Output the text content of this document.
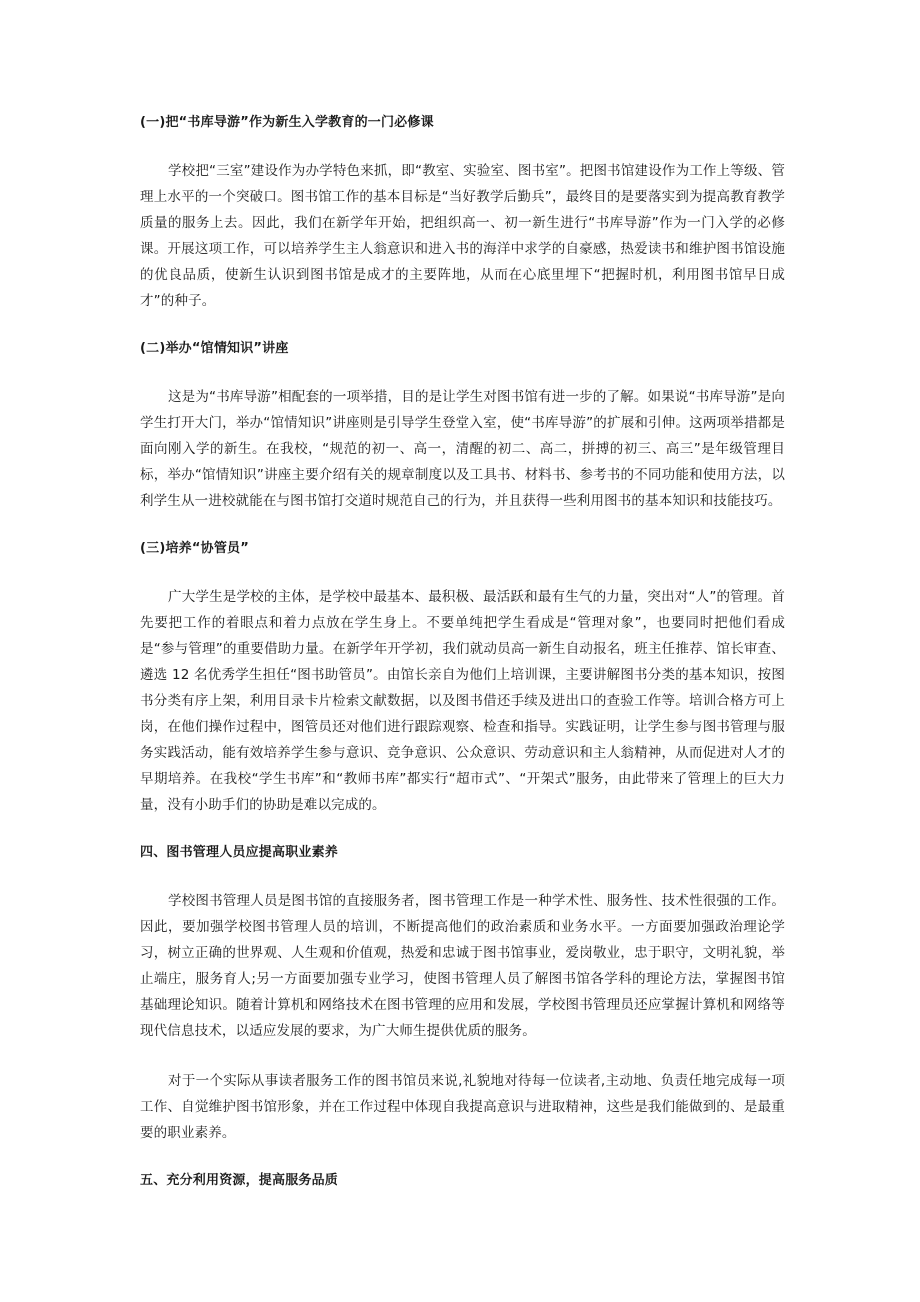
(一)把“书库导游”作为新生入学教育的一门必修课

学校把“三室”建设作为办学特色来抓，即“教室、实验室、图书室”。把图书馆建设作为工作上等级、管理上水平的一个突破口。图书馆工作的基本目标是“当好教学后勤兵”，最终目的是要落实到为提高教育教学质量的服务上去。因此，我们在新学年开始，把组织高一、初一新生进行“书库导游”作为一门入学的必修课。开展这项工作，可以培养学生主人翁意识和进入书的海洋中求学的自豪感，热爱读书和维护图书馆设施的优良品质，使新生认识到图书馆是成才的主要阵地，从而在心底里埋下“把握时机，利用图书馆早日成才”的种子。

(二)举办“馆情知识”讲座

这是为“书库导游”相配套的一项举措，目的是让学生对图书馆有进一步的了解。如果说“书库导游”是向学生打开大门，举办“馆情知识”讲座则是引导学生登堂入室，使“书库导游”的扩展和引伸。这两项举措都是面向刚入学的新生。在我校，“规范的初一、高一，清醒的初二、高二，拼搏的初三、高三”是年级管理目标，举办“馆情知识”讲座主要介绍有关的规章制度以及工具书、材料书、参考书的不同功能和使用方法，以利学生从一进校就能在与图书馆打交道时规范自己的行为，并且获得一些利用图书的基本知识和技能技巧。

(三)培养“协管员”

广大学生是学校的主体，是学校中最基本、最积极、最活跃和最有生气的力量，突出对“人”的管理。首先要把工作的着眼点和着力点放在学生身上。不要单纯把学生看成是“管理对象”，也要同时把他们看成是“参与管理”的重要借助力量。在新学年开学初，我们就动员高一新生自动报名，班主任推荐、馆长审查、遴选 12 名优秀学生担任“图书助管员”。由馆长亲自为他们上培训课，主要讲解图书分类的基本知识，按图书分类有序上架，利用目录卡片检索文献数据，以及图书借还手续及进出口的查验工作等。培训合格方可上岗，在他们操作过程中，图管员还对他们进行跟踪观察、检查和指导。实践证明，让学生参与图书管理与服务实践活动，能有效培养学生参与意识、竞争意识、公众意识、劳动意识和主人翁精神，从而促进对人才的早期培养。在我校“学生书库”和“教师书库”都实行“超市式”、“开架式”服务，由此带来了管理上的巨大力量，没有小助手们的协助是难以完成的。

四、图书管理人员应提高职业素养

学校图书管理人员是图书馆的直接服务者，图书管理工作是一种学术性、服务性、技术性很强的工作。因此，要加强学校图书管理人员的培训，不断提高他们的政治素质和业务水平。一方面要加强政治理论学习，树立正确的世界观、人生观和价值观，热爱和忠诚于图书馆事业，爱岗敬业，忠于职守，文明礼貌，举止端庄，服务育人;另一方面要加强专业学习，使图书管理人员了解图书馆各学科的理论方法，掌握图书馆基础理论知识。随着计算机和网络技术在图书管理的应用和发展，学校图书管理员还应掌握计算机和网络等现代信息技术，以适应发展的要求，为广大师生提供优质的服务。

对于一个实际从事读者服务工作的图书馆员来说,礼貌地对待每一位读者,主动地、负责任地完成每一项工作、自觉维护图书馆形象，并在工作过程中体现自我提高意识与进取精神，这些是我们能做到的、是最重要的职业素养。

五、充分利用资源，提高服务品质
